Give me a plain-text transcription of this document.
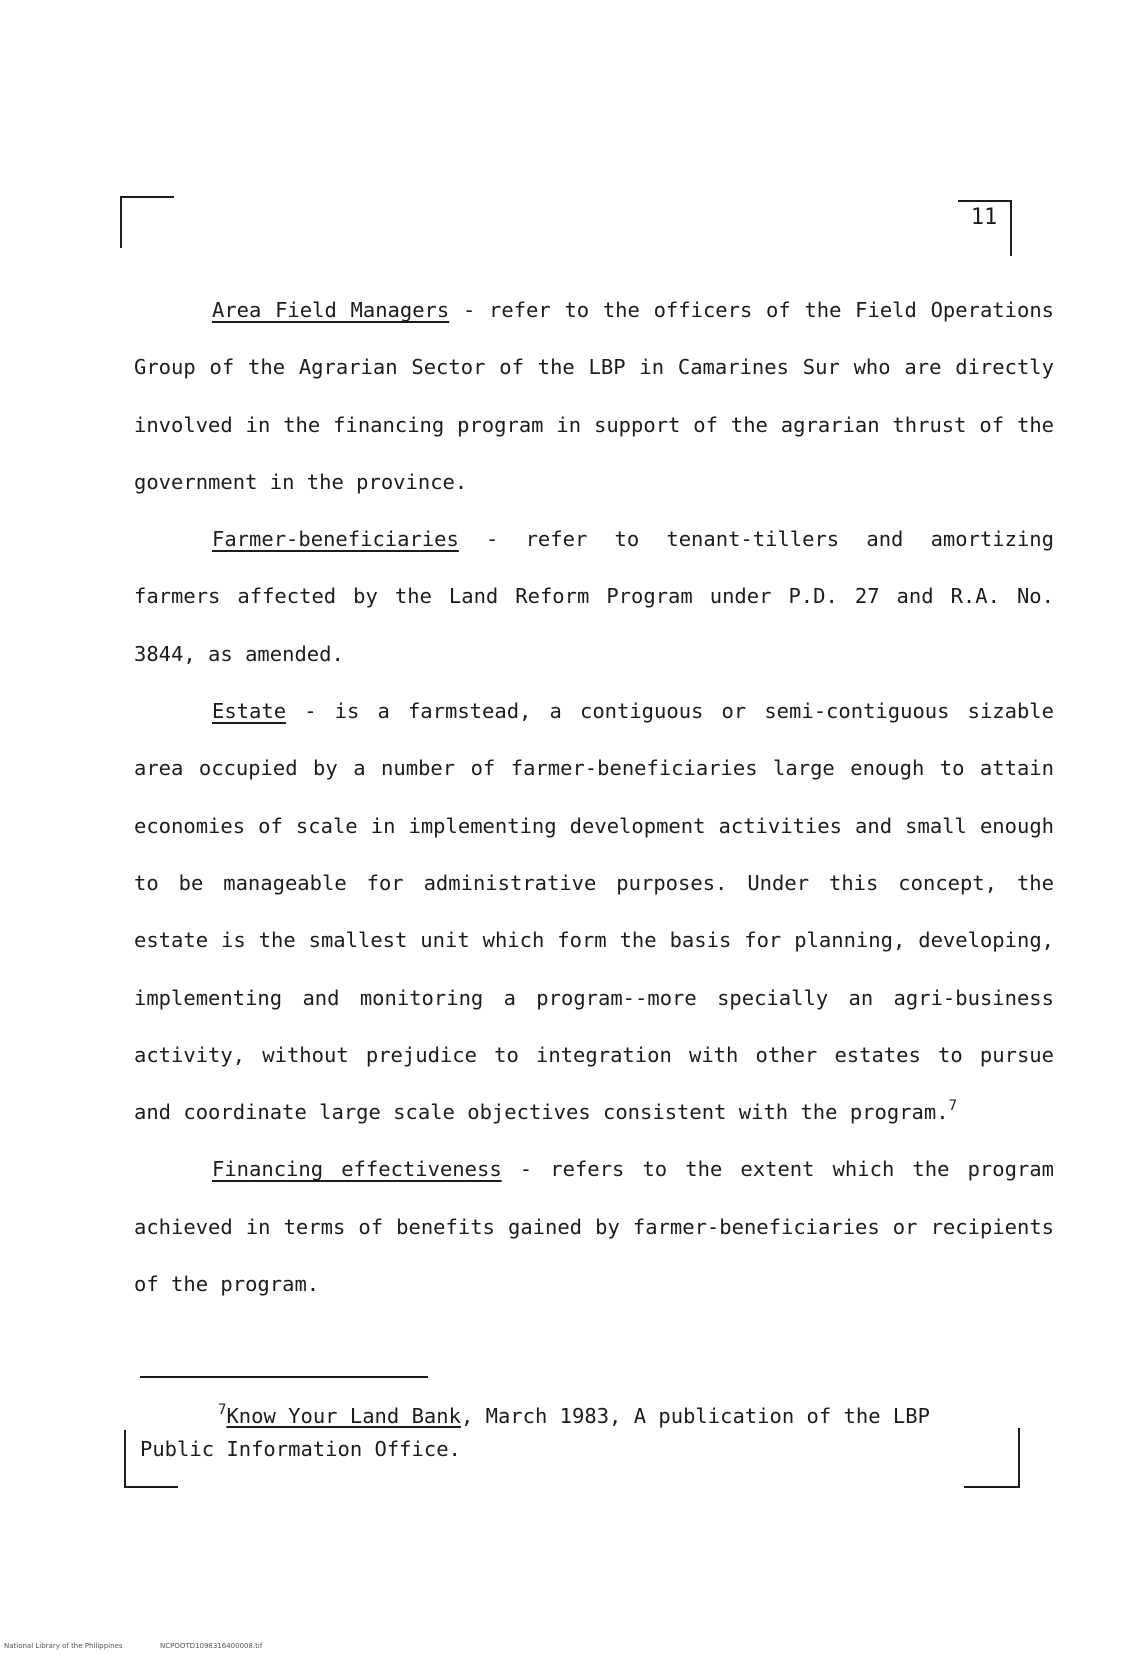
11

Area Field Managers - refer to the officers of the Field Operations Group of the Agrarian Sector of the LBP in Camarines Sur who are directly involved in the financing program in support of the agrarian thrust of the government in the province.

Farmer-beneficiaries - refer to tenant-tillers and amortizing farmers affected by the Land Reform Program under P.D. 27 and R.A. No. 3844, as amended.

Estate - is a farmstead, a contiguous or semi-contiguous sizable area occupied by a number of farmer-beneficiaries large enough to attain economies of scale in implementing development activities and small enough to be manageable for administrative purposes. Under this concept, the estate is the smallest unit which form the basis for planning, developing, implementing and monitoring a program--more specially an agri-business activity, without prejudice to integration with other estates to pursue and coordinate large scale objectives consistent with the program.$^7$

Financing effectiveness - refers to the extent which the program achieved in terms of benefits gained by farmer-beneficiaries or recipients of the program.

$^7$Know Your Land Bank, March 1983, A publication of the LBP Public Information Office.

National Library of the Philippines	NCPOOTD1098316400008.tif
